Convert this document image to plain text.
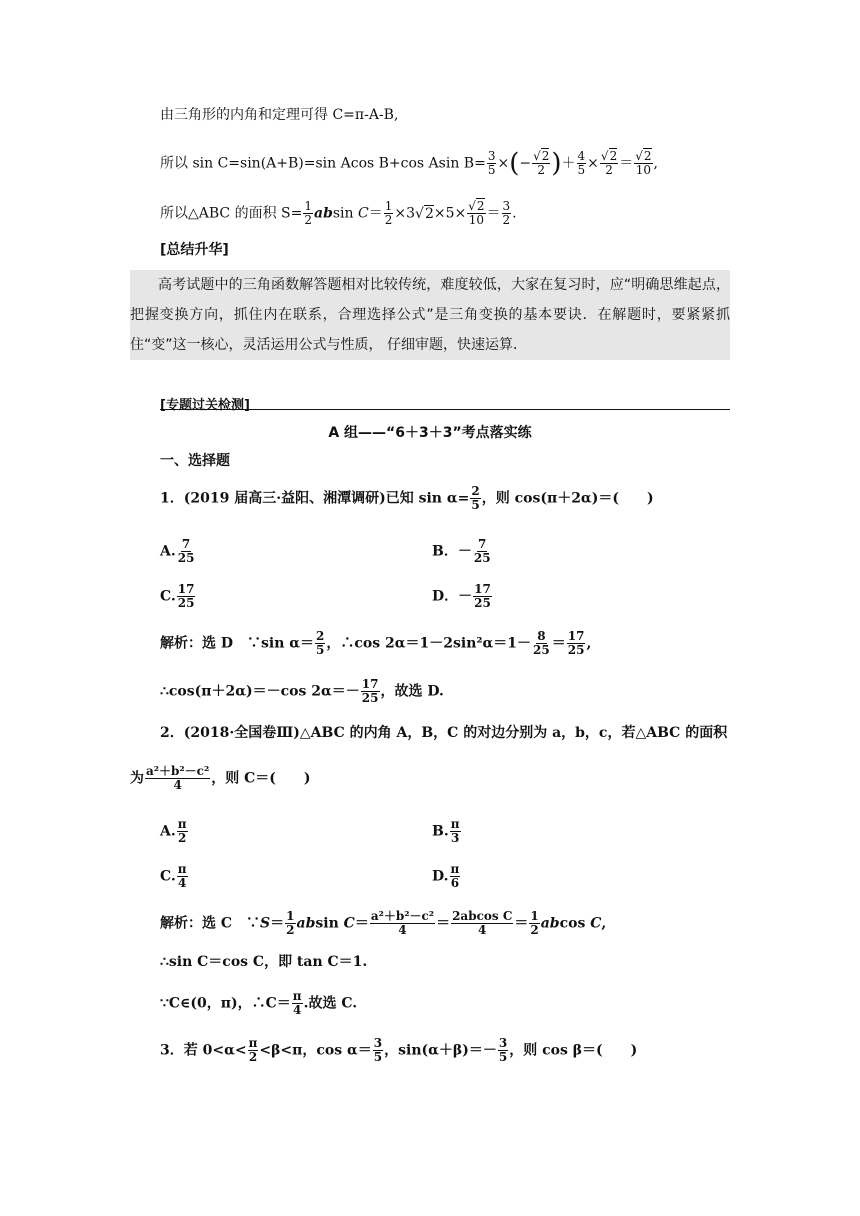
由三角形的内角和定理可得 C=π-A-B,
所以 sin C=sin(A+B)=sin Acos B+cos Asin $B= \frac{3}{5}$ ×(−
√ $\frac{2}{2}$ )＋ $\frac{4}{5}$ ×
√ $\frac{2}{2}$ ＝
√ $\frac{2}{10}$ ,
所以△ABC 的面积 $S= \frac{1}{2}$ absin $C= \frac{1}{2} \times 3√$ 2×5×
√ $\frac{2}{10} = \frac{3}{2}$ .
[总结升华]
高考试题中的三角函数解答题相对比较传统，难度较低，大家在复习时，应“明确思维起点，把握变换方向，抓住内在联系，合理选择公式”是三角变换的基本要诀．在解题时，要紧紧抓住“变”这一核心，灵活运用公式与性质， 仔细审题，快速运算．
[专题过关检测]
A 组——“6＋3＋3”考点落实练
一、选择题
1．(2019 届高三·益阳、湘潭调研)已知 $\sin \alpha= \frac{2}{5}$ ，则 cos(π＋2α)＝(　　)
A. $\frac{7}{25}$	B．－ $\frac{7}{25}$
C. $\frac{17}{25}$	D．－ $\frac{17}{25}$
解析：选 D　∵sin $\alpha= \frac{2}{5}$ ，∴cos $2\alpha=1-2\sin^2\alpha=1- \frac{8}{25} = \frac{17}{25}$ ,
∴cos(π＋2α)＝－cos $2\alpha=- \frac{17}{25}$ ，故选 D.
2．(2018·全国卷Ⅲ)△ABC 的内角 A，B，C 的对边分别为 a，b，c，若△ABC 的面积
为 $\frac{\text{a²＋b²－c²}}{4}$ ，则 C＝(　　)
A. $\frac{\pi}{2}$	B. $\frac{\pi}{3}$
C. $\frac{\pi}{4}$	D. $\frac{\pi}{6}$
解析：选 C　∵S＝ $\frac{1}{2}$ absin $C= \frac{\text{a²＋b²－c²}}{4} = \frac{\text{2abcos C}}{4} = \frac{1}{2}$ abcos C,
∴sin C＝cos C，即 tan C＝1.
∵C∈(0，π)，∴C＝ $\frac{\pi}{4}$ .故选 C.
3．若 $0<\alpha< \frac{\pi}{2} <\beta<\pi$，$\cos \alpha= \frac{3}{5}$ ，$\sin(\alpha+\beta)=- \frac{3}{5}$ ，则 cos β＝(　　)
